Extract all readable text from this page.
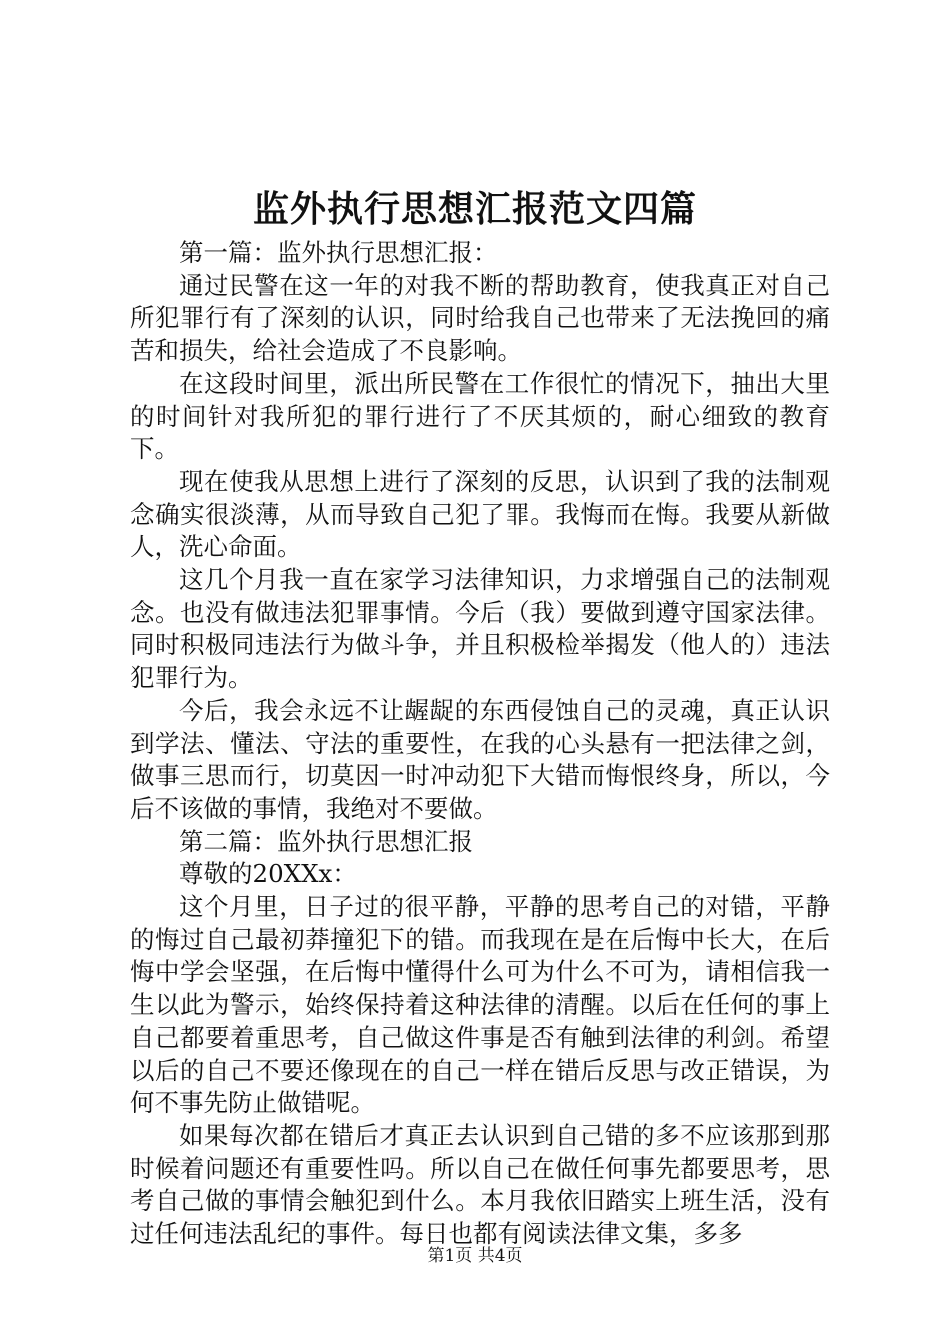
监外执行思想汇报范文四篇

第一篇：监外执行思想汇报：

通过民警在这一年的对我不断的帮助教育，使我真正对自己所犯罪行有了深刻的认识，同时给我自己也带来了无法挽回的痛苦和损失，给社会造成了不良影响。

在这段时间里，派出所民警在工作很忙的情况下，抽出大里的时间针对我所犯的罪行进行了不厌其烦的，耐心细致的教育下。

现在使我从思想上进行了深刻的反思，认识到了我的法制观念确实很淡薄，从而导致自己犯了罪。我悔而在悔。我要从新做人，洗心命面。

这几个月我一直在家学习法律知识，力求增强自己的法制观念。也没有做违法犯罪事情。今后（我）要做到遵守国家法律。同时积极同违法行为做斗争，并且积极检举揭发（他人的）违法犯罪行为。

今后，我会永远不让龌龊的东西侵蚀自己的灵魂，真正认识到学法、懂法、守法的重要性，在我的心头悬有一把法律之剑，做事三思而行，切莫因一时冲动犯下大错而悔恨终身，所以，今后不该做的事情，我绝对不要做。

第二篇：监外执行思想汇报

尊敬的20XXx：

这个月里，日子过的很平静，平静的思考自己的对错，平静的悔过自己最初莽撞犯下的错。而我现在是在后悔中长大，在后悔中学会坚强，在后悔中懂得什么可为什么不可为，请相信我一生以此为警示，始终保持着这种法律的清醒。以后在任何的事上自己都要着重思考，自己做这件事是否有触到法律的利剑。希望以后的自己不要还像现在的自己一样在错后反思与改正错误，为何不事先防止做错呢。

如果每次都在错后才真正去认识到自己错的多不应该那到那时候着问题还有重要性吗。所以自己在做任何事先都要思考，思考自己做的事情会触犯到什么。本月我依旧踏实上班生活，没有过任何违法乱纪的事件。每日也都有阅读法律文集，多多

第1页 共4页
